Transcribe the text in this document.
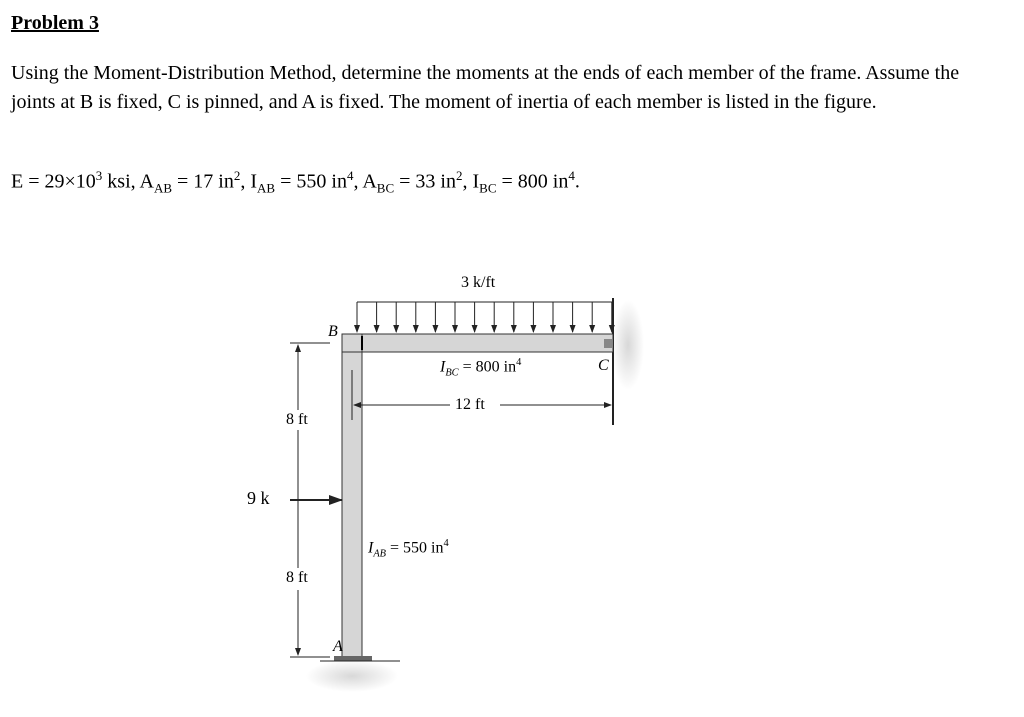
Problem 3
Using the Moment-Distribution Method, determine the moments at the ends of each member of the frame. Assume the joints at B is fixed, C is pinned, and A is fixed. The moment of inertia of each member is listed in the figure.
$E = 29\times 10^3$ ksi, $A_{AB} = 17$ $in^2$, $I_{AB} = 550$ $in^4$, $A_{BC} = 33$ $in^2$, $I_{BC} = 800$ $in^4$.
3 k/ft
B
C
A
$I_{BC} = 800$ $in^4$
$I_{AB} = 550$ $in^4$
12 ft
8 ft
8 ft
9 k
